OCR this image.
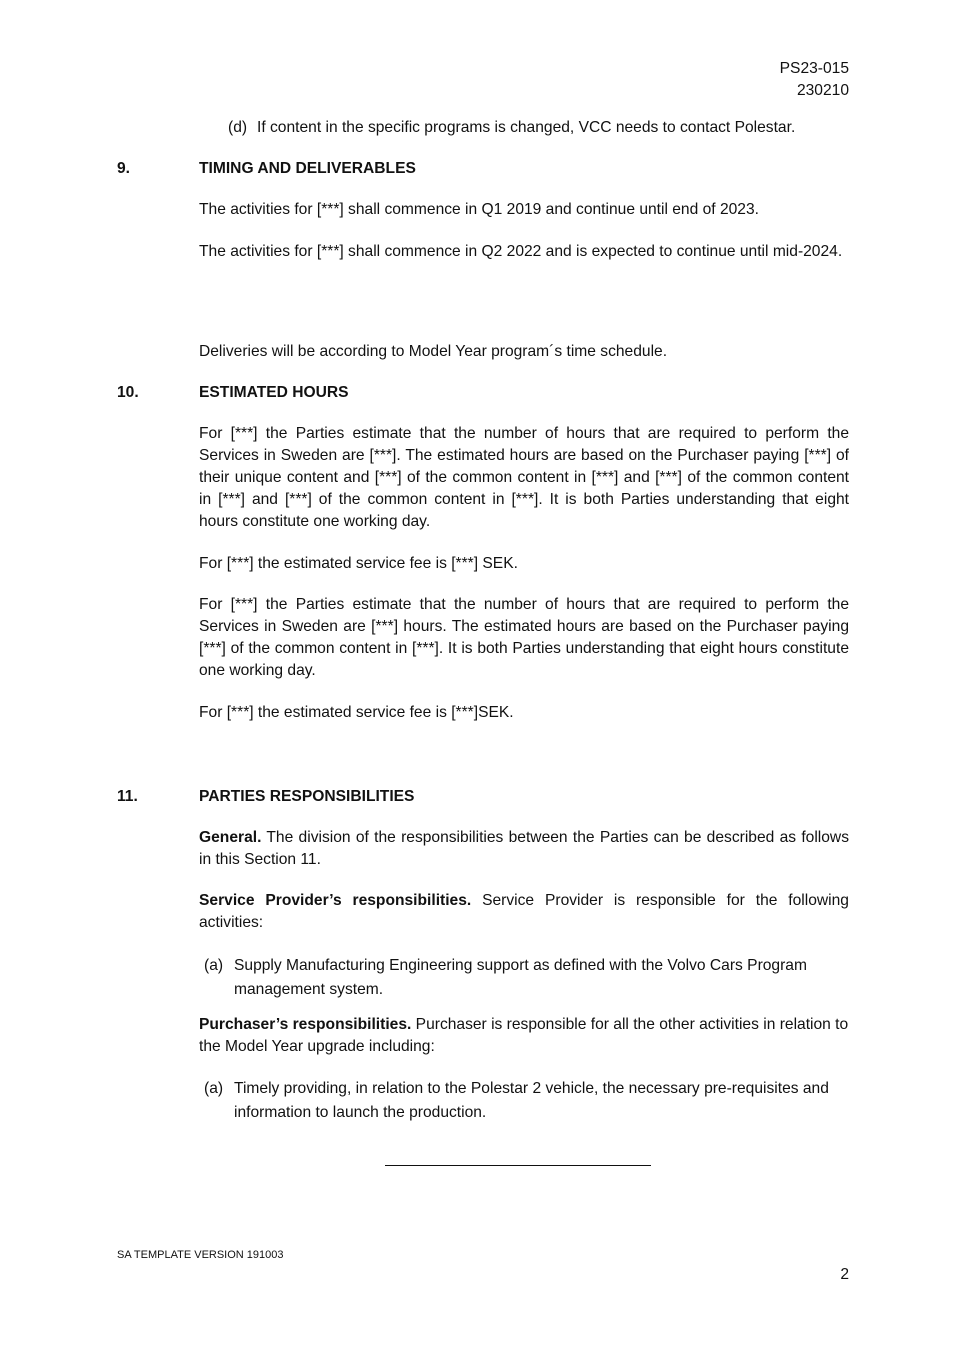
PS23-015
230210
(d) If content in the specific programs is changed, VCC needs to contact Polestar.
9.	TIMING AND DELIVERABLES
The activities for [***] shall commence in Q1 2019 and continue until end of 2023.
The activities for [***] shall commence in Q2 2022 and is expected to continue until mid-2024.
Deliveries will be according to Model Year program´s time schedule.
10.	ESTIMATED HOURS
For [***] the Parties estimate that the number of hours that are required to perform the Services in Sweden are [***]. The estimated hours are based on the Purchaser paying [***] of their unique content and [***] of the common content in [***] and [***] of the common content in [***] and [***] of the common content in [***]. It is both Parties understanding that eight hours constitute one working day.
For [***] the estimated service fee is [***] SEK.
For [***] the Parties estimate that the number of hours that are required to perform the Services in Sweden are [***] hours. The estimated hours are based on the Purchaser paying [***] of the common content in [***]. It is both Parties understanding that eight hours constitute one working day.
For [***] the estimated service fee is [***]SEK.
11.	PARTIES RESPONSIBILITIES
General. The division of the responsibilities between the Parties can be described as follows in this Section 11.
Service Provider’s responsibilities. Service Provider is responsible for the following activities:
(a) Supply Manufacturing Engineering support as defined with the Volvo Cars Program management system.
Purchaser’s responsibilities. Purchaser is responsible for all the other activities in relation to the Model Year upgrade including:
(a) Timely providing, in relation to the Polestar 2 vehicle, the necessary pre-requisites and information to launch the production.
SA TEMPLATE VERSION 191003
2
